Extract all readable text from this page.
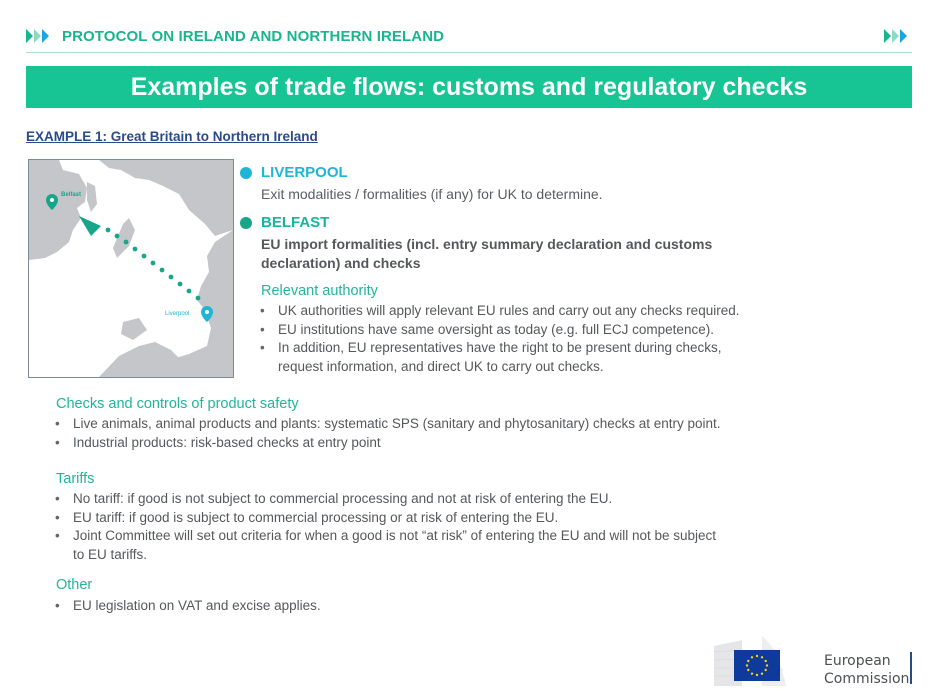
PROTOCOL ON IRELAND AND NORTHERN IRELAND
Examples of trade flows: customs and regulatory checks
EXAMPLE 1: Great Britain to Northern Ireland
Belfast
Liverpool
LIVERPOOL
Exit modalities / formalities (if any) for UK to determine.
BELFAST
EU import formalities (incl. entry summary declaration and customs
declaration) and checks
Relevant authority
• UK authorities will apply relevant EU rules and carry out any checks required.
• EU institutions have same oversight as today (e.g. full ECJ competence).
• In addition, EU representatives have the right to be present during checks,
request information, and direct UK to carry out checks.
Checks and controls of product safety
• Live animals, animal products and plants: systematic SPS (sanitary and phytosanitary) checks at entry point.
• Industrial products: risk-based checks at entry point
Tariffs
• No tariff: if good is not subject to commercial processing and not at risk of entering the EU.
• EU tariff: if good is subject to commercial processing or at risk of entering the EU.
• Joint Committee will set out criteria for when a good is not “at risk” of entering the EU and will not be subject
to EU tariffs.
Other
• EU legislation on VAT and excise applies.
European
Commission
